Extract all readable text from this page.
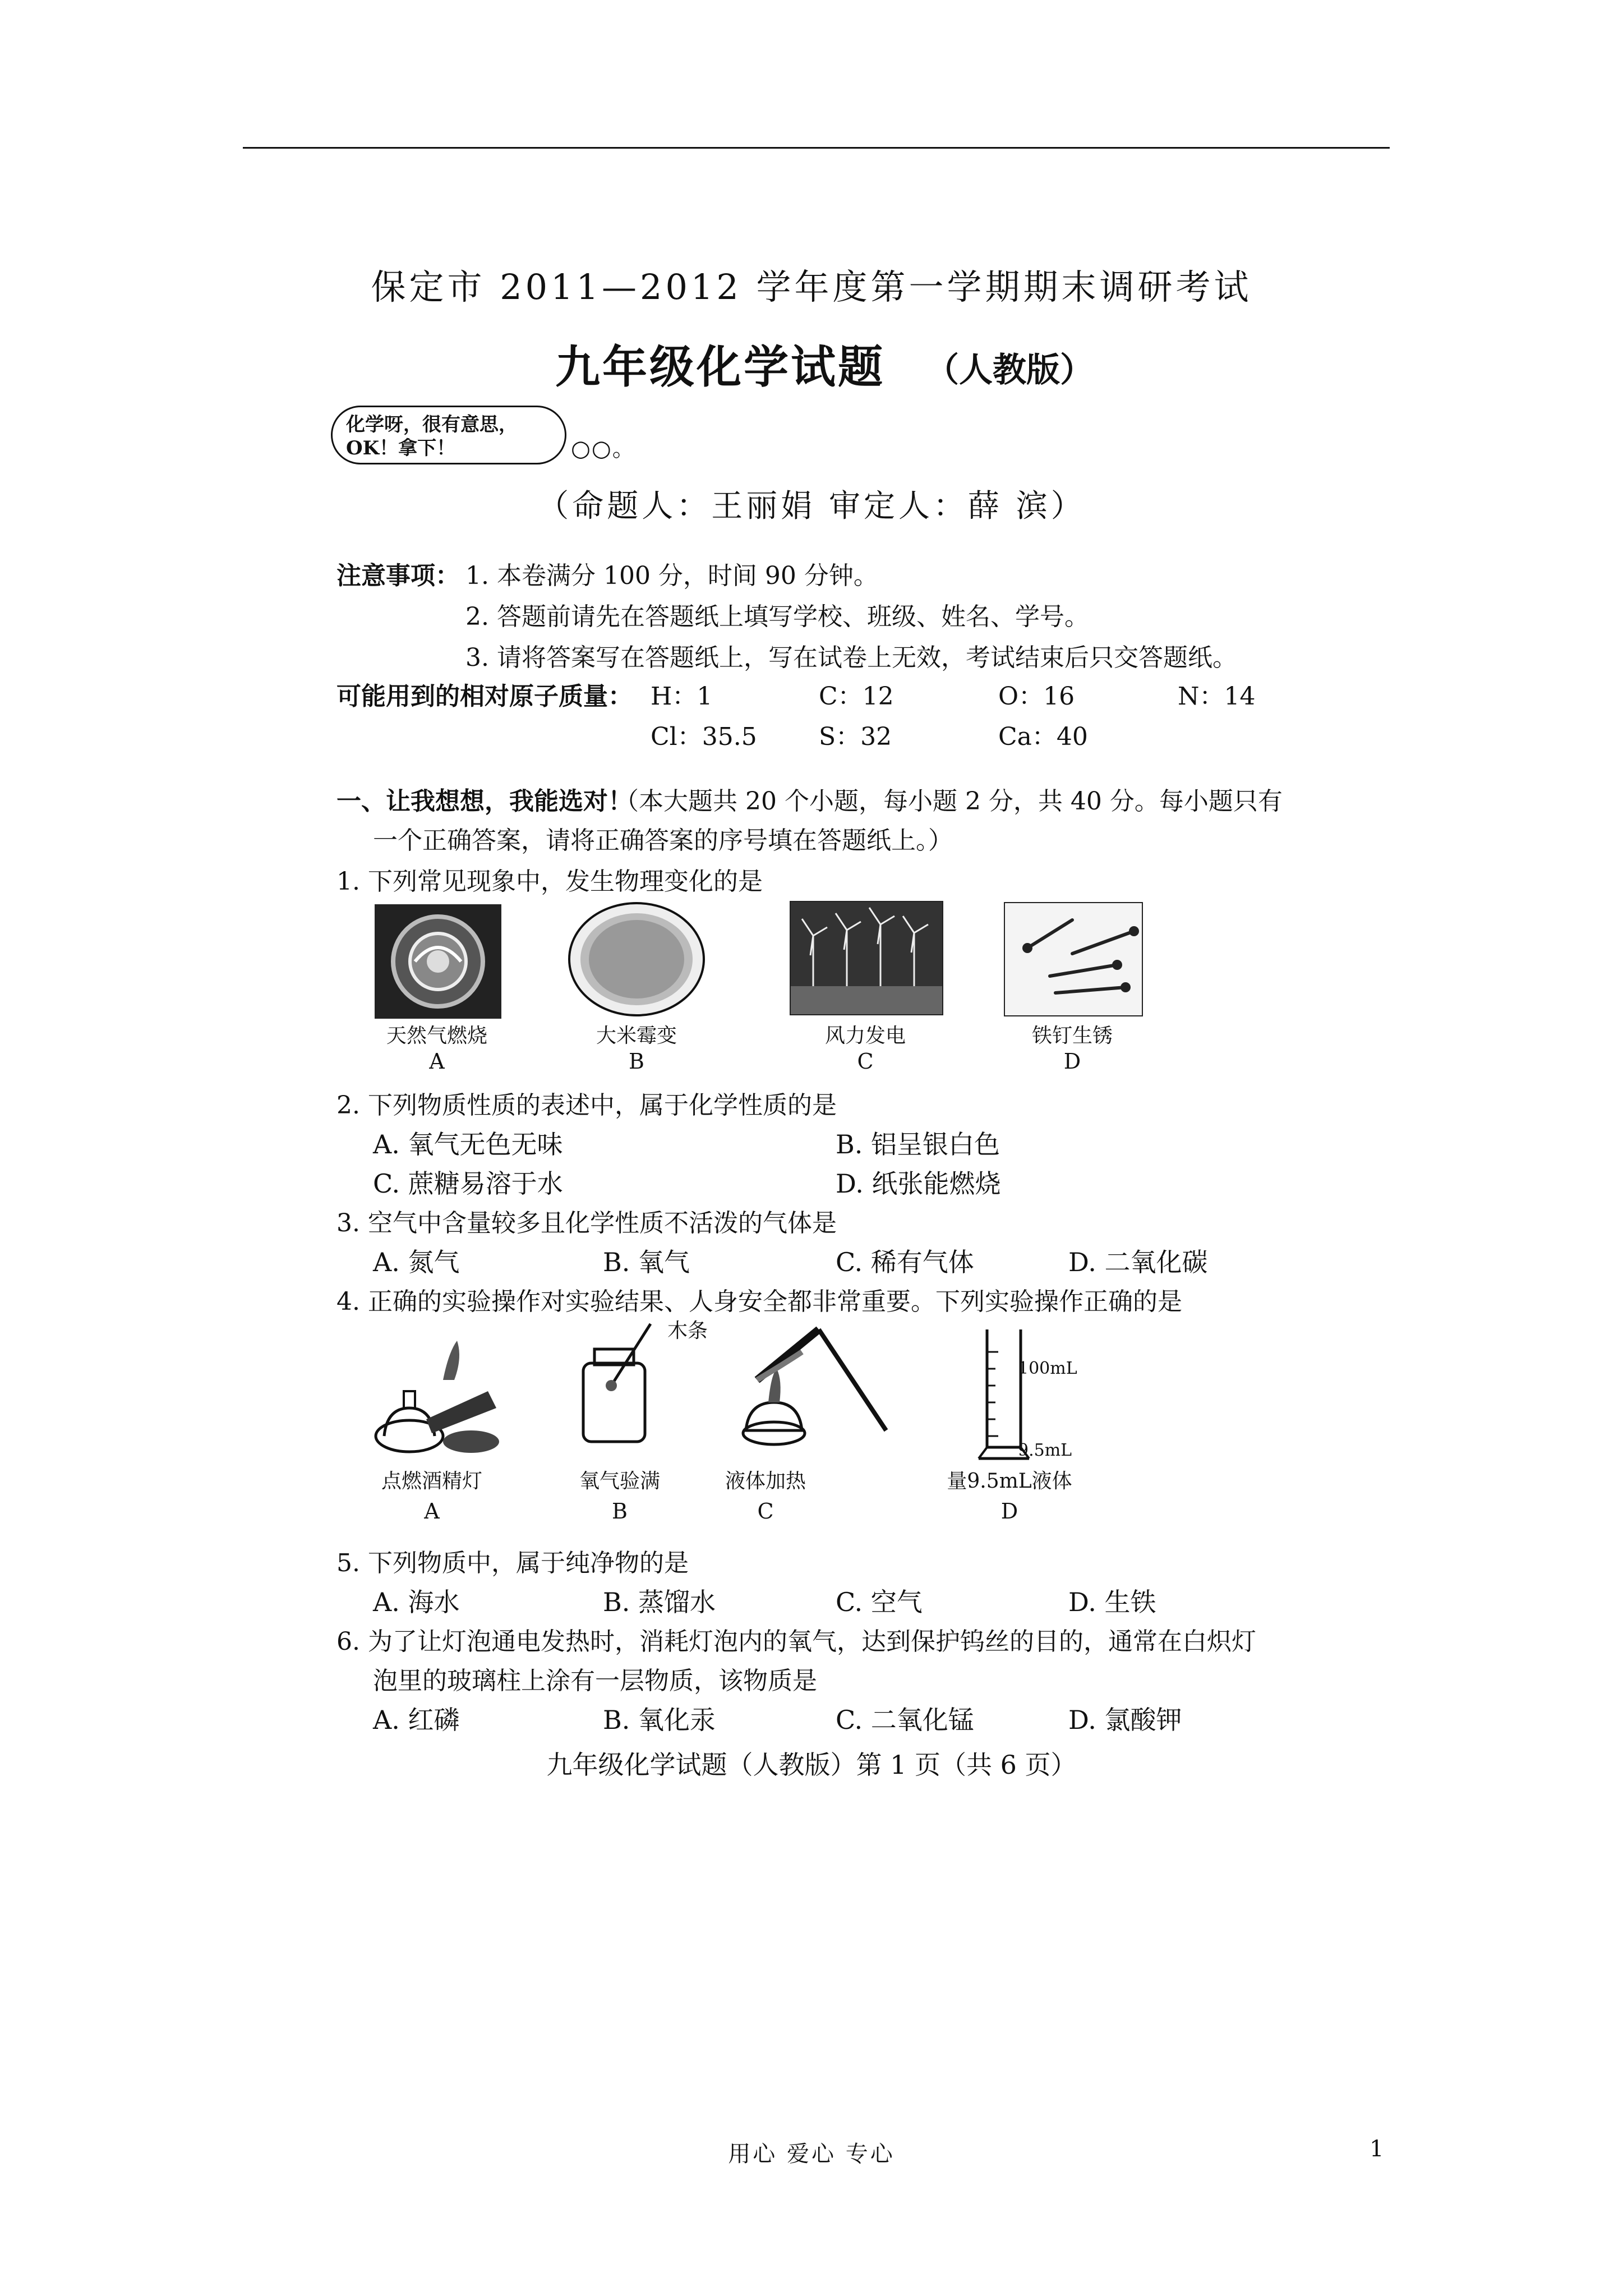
保定市 2011—2012 学年度第一学期期末调研考试
九年级化学试题 （人教版）
化学呀，很有意思，
OK！拿下！	○○。
（命题人：王丽娟 审定人：薛 滨）
注意事项： 1. 本卷满分 100 分，时间 90 分钟。
2. 答题前请先在答题纸上填写学校、班级、姓名、学号。
3. 请将答案写在答题纸上，写在试卷上无效，考试结束后只交答题纸。
可能用到的相对原子质量： H：1	C：12	O：16	N：14
Cl：35.5	S：32	Ca：40
一、让我想想，我能选对！
（本大题共 20 个小题，每小题 2 分，共 40 分。每小题只有
一个正确答案，请将正确答案的序号填在答题纸上。）
1. 下列常见现象中，发生物理变化的是
天然气燃烧
A
大米霉变
B
风力发电
C
铁钉生锈
D
2. 下列物质性质的表述中，属于化学性质的是
A. 氧气无色无味	B. 铝呈银白色
C. 蔗糖易溶于水	D. 纸张能燃烧
3. 空气中含量较多且化学性质不活泼的气体是
A. 氮气	B. 氧气	C. 稀有气体	D. 二氧化碳
4. 正确的实验操作对实验结果、人身安全都非常重要。下列实验操作正确的是
点燃酒精灯
A
木条
氧气验满
B
液体加热
C
100mL
9.5mL
量9.5mL液体
D
5. 下列物质中，属于纯净物的是
A. 海水	B. 蒸馏水	C. 空气	D. 生铁
6. 为了让灯泡通电发热时，消耗灯泡内的氧气，达到保护钨丝的目的，通常在白炽灯
泡里的玻璃柱上涂有一层物质，该物质是
A. 红磷	B. 氧化汞	C. 二氧化锰	D. 氯酸钾
九年级化学试题（人教版）第 1 页（共 6 页）
用心 爱心 专心	1
